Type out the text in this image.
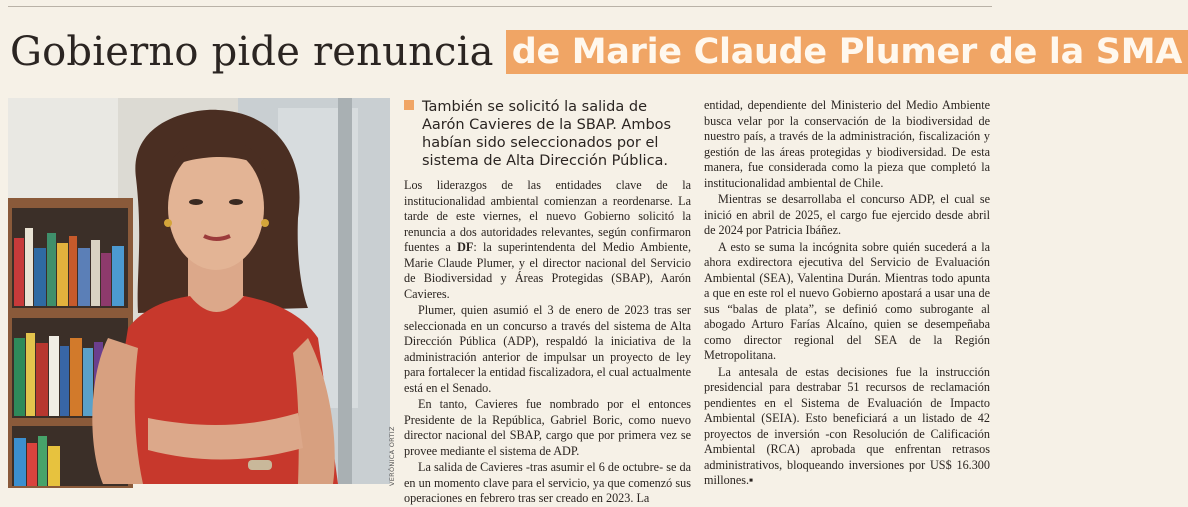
Gobierno pide renuncia de Marie Claude Plumer de la SMA
VERÓNICA ORTIZ

También se solicitó la salida de Aarón Cavieres de la SBAP. Ambos habían sido seleccionados por el sistema de Alta Dirección Pública.

Los liderazgos de las entidades clave de la institucionalidad ambiental comienzan a reordenarse. La tarde de este viernes, el nuevo Gobierno solicitó la renuncia a dos autoridades relevantes, según confirmaron fuentes a DF: la superintendenta del Medio Ambiente, Marie Claude Plumer, y el director nacional del Servicio de Biodiversidad y Áreas Protegidas (SBAP), Aarón Cavieres.

Plumer, quien asumió el 3 de enero de 2023 tras ser seleccionada en un concurso a través del sistema de Alta Dirección Pública (ADP), respaldó la iniciativa de la administración anterior de impulsar un proyecto de ley para fortalecer la entidad fiscalizadora, el cual actualmente está en el Senado.

En tanto, Cavieres fue nombrado por el entonces Presidente de la República, Gabriel Boric, como nuevo director nacional del SBAP, cargo que por primera vez se provee mediante el sistema de ADP.

La salida de Cavieres -tras asumir el 6 de octubre- se da en un momento clave para el servicio, ya que comenzó sus operaciones en febrero tras ser creado en 2023. La

entidad, dependiente del Ministerio del Medio Ambiente busca velar por la conservación de la biodiversidad de nuestro país, a través de la administración, fiscalización y gestión de las áreas protegidas y biodiversidad. De esta manera, fue considerada como la pieza que completó la institucionalidad ambiental de Chile.

Mientras se desarrollaba el concurso ADP, el cual se inició en abril de 2025, el cargo fue ejercido desde abril de 2024 por Patricia Ibáñez.

A esto se suma la incógnita sobre quién sucederá a la ahora exdirectora ejecutiva del Servicio de Evaluación Ambiental (SEA), Valentina Durán. Mientras todo apunta a que en este rol el nuevo Gobierno apostará a usar una de sus “balas de plata”, se definió como subrogante al abogado Arturo Farías Alcaíno, quien se desempeñaba como director regional del SEA de la Región Metropolitana.

La antesala de estas decisiones fue la instrucción presidencial para destrabar 51 recursos de reclamación pendientes en el Sistema de Evaluación de Impacto Ambiental (SEIA). Esto beneficiará a un listado de 42 proyectos de inversión -con Resolución de Calificación Ambiental (RCA) aprobada que enfrentan retrasos administrativos, bloqueando inversiones por US$ 16.300 millones.▪
